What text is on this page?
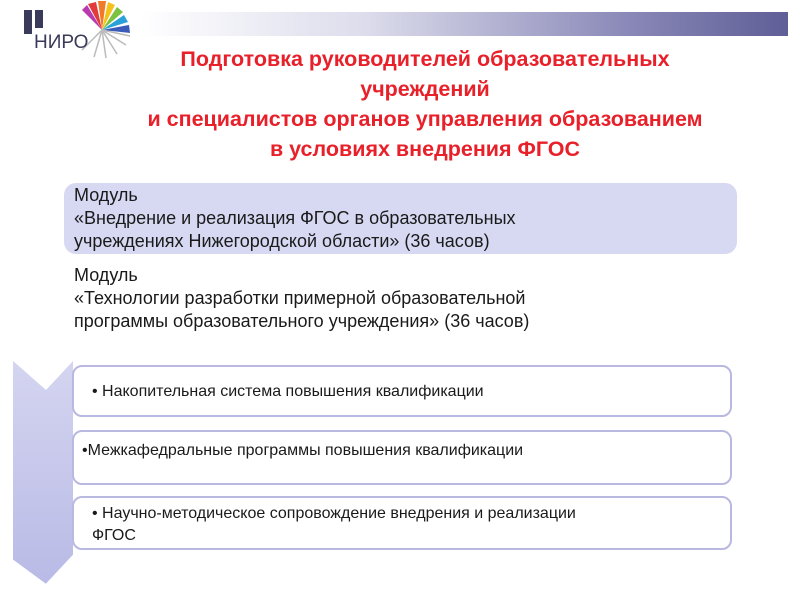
НИРО
Подготовка руководителей образовательных
учреждений
и специалистов органов управления образованием
в условиях внедрения ФГОС
Модуль
«Внедрение и реализация ФГОС в образовательных
учреждениях Нижегородской области» (36 часов)
Модуль
«Технологии разработки примерной образовательной
программы образовательного учреждения» (36 часов)
• Накопительная система повышения квалификации
•Межкафедральные программы повышения квалификации
• Научно-методическое сопровождение внедрения и реализации
ФГОС
